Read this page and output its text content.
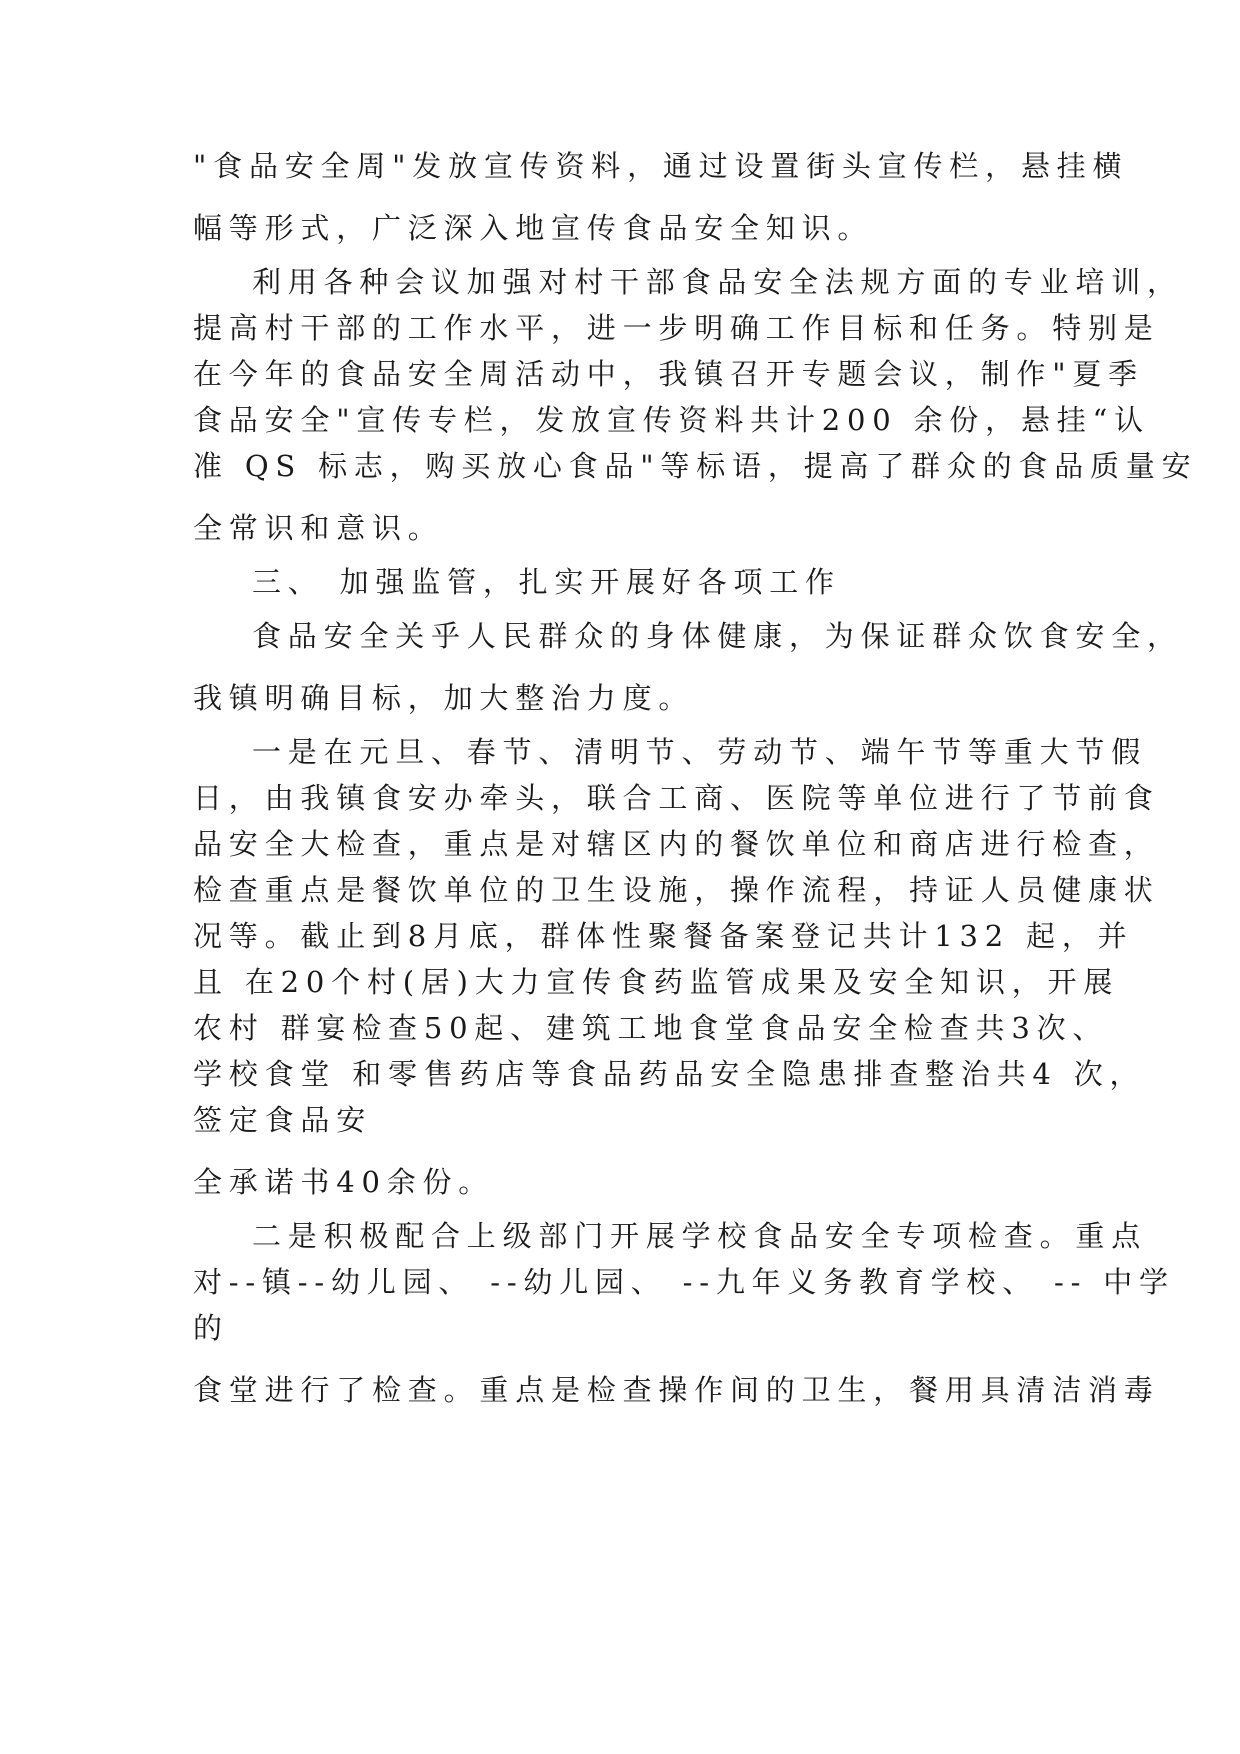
"食品安全周"发放宣传资料，通过设置街头宣传栏，悬挂横
幅等形式，广泛深入地宣传食品安全知识。
利用各种会议加强对村干部食品安全法规方面的专业培训，
提高村干部的工作水平，进一步明确工作目标和任务。特别是
在今年的食品安全周活动中，我镇召开专题会议，制作"夏季
食品安全"宣传专栏，发放宣传资料共计200 余份，悬挂“认
准 QS 标志，购买放心食品"等标语，提高了群众的食品质量安
全常识和意识。
三、 加强监管，扎实开展好各项工作
食品安全关乎人民群众的身体健康，为保证群众饮食安全，
我镇明确目标，加大整治力度。
一是在元旦、春节、清明节、劳动节、端午节等重大节假
日，由我镇食安办牵头，联合工商、医院等单位进行了节前食
品安全大检查，重点是对辖区内的餐饮单位和商店进行检查，
检查重点是餐饮单位的卫生设施，操作流程，持证人员健康状
况等。截止到8月底，群体性聚餐备案登记共计132 起，并
且 在20个村(居)大力宣传食药监管成果及安全知识，开展
农村 群宴检查50起、建筑工地食堂食品安全检查共3次、
学校食堂 和零售药店等食品药品安全隐患排查整治共4 次，
签定食品安
全承诺书40余份。
二是积极配合上级部门开展学校食品安全专项检查。重点
对--镇--幼儿园、 --幼儿园、 --九年义务教育学校、 -- 中学
的
食堂进行了检查。重点是检查操作间的卫生，餐用具清洁消毒
